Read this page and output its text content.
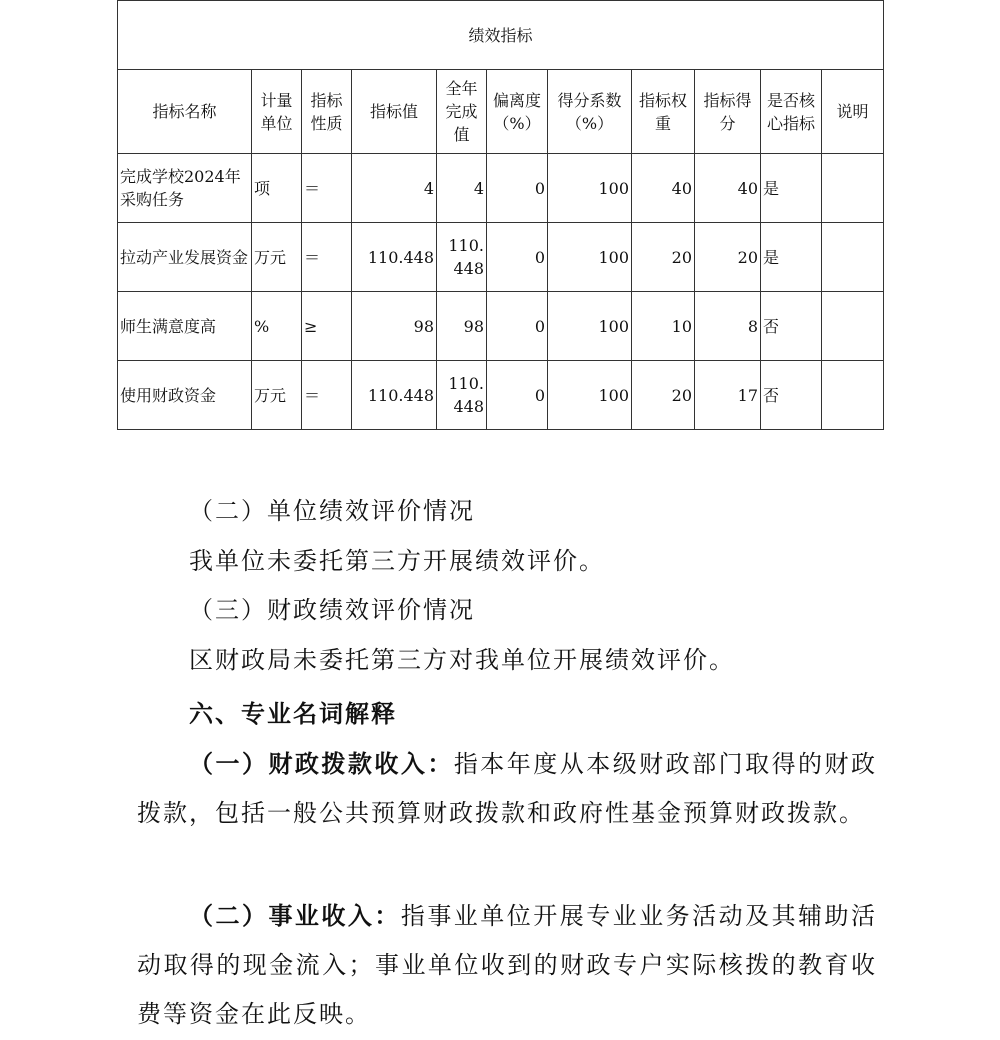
绩效指标										
指标名称	计量单位	指标性质	指标值	全年完成值	偏离度（%）	得分系数（%）	指标权重	指标得分	是否核心指标	说明
完成学校2024年采购任务	项	＝	4	4	0	100	40	40	是	
拉动产业发展资金	万元	＝	110.448	110.448	0	100	20	20	是	
师生满意度高	%	≥	98	98	0	100	10	8	否	
使用财政资金	万元	＝	110.448	110.448	0	100	20	17	否	

（二）单位绩效评价情况

我单位未委托第三方开展绩效评价。

（三）财政绩效评价情况

区财政局未委托第三方对我单位开展绩效评价。

六、专业名词解释

（一）财政拨款收入：指本年度从本级财政部门取得的财政拨款，包括一般公共预算财政拨款和政府性基金预算财政拨款。

（二）事业收入：指事业单位开展专业业务活动及其辅助活动取得的现金流入；事业单位收到的财政专户实际核拨的教育收费等资金在此反映。
